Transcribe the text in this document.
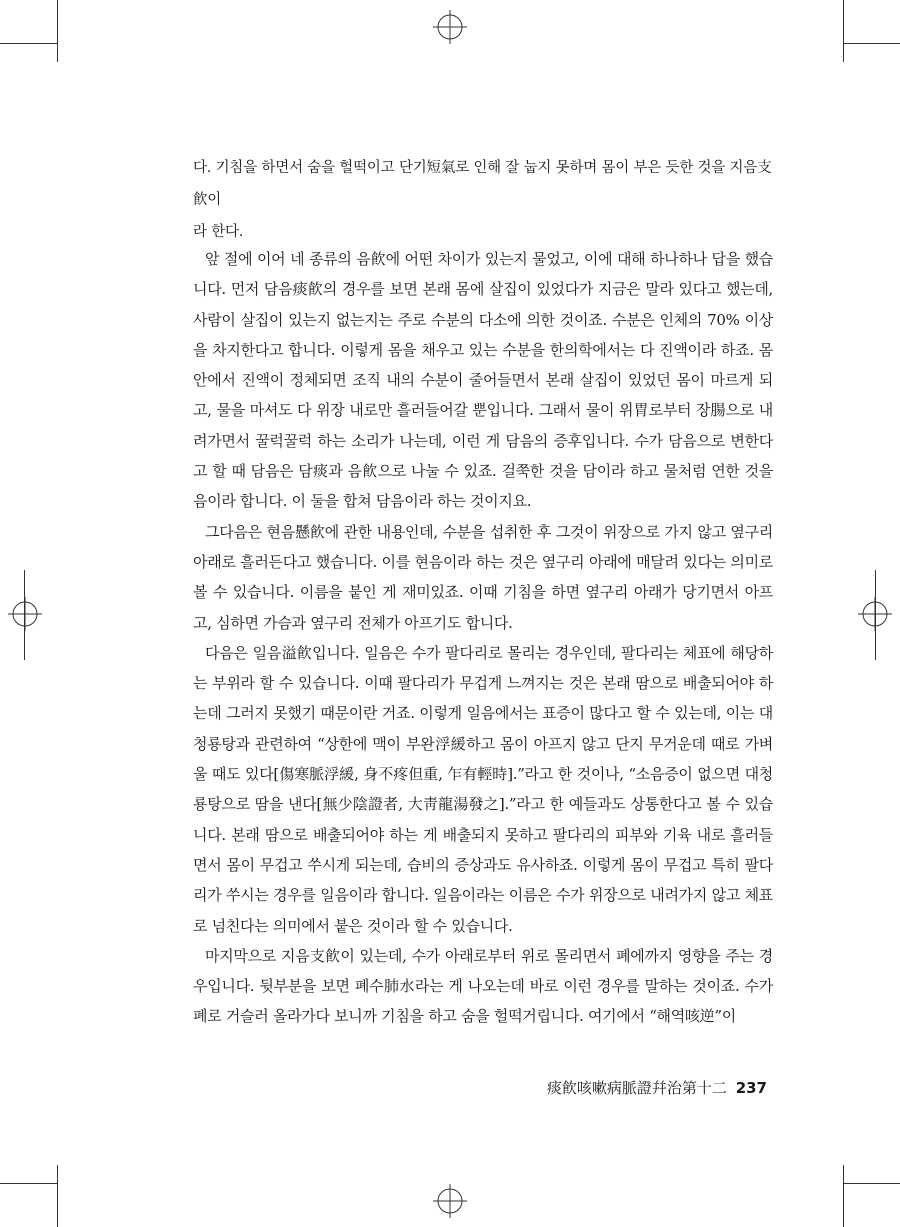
다. 기침을 하면서 숨을 헐떡이고 단기短氣로 인해 잘 눕지 못하며 몸이 부은 듯한 것을 지음支飮이
라 한다.

앞 절에 이어 네 종류의 음飮에 어떤 차이가 있는지 물었고, 이에 대해 하나하나 답을 했습니다. 먼저 담음痰飮의 경우를 보면 본래 몸에 살집이 있었다가 지금은 말라 있다고 했는데, 사람이 살집이 있는지 없는지는 주로 수분의 다소에 의한 것이죠. 수분은 인체의 70% 이상을 차지한다고 합니다. 이렇게 몸을 채우고 있는 수분을 한의학에서는 다 진액이라 하죠. 몸 안에서 진액이 정체되면 조직 내의 수분이 줄어들면서 본래 살집이 있었던 몸이 마르게 되고, 물을 마셔도 다 위장 내로만 흘러들어갈 뿐입니다. 그래서 물이 위胃로부터 장腸으로 내려가면서 꿀럭꿀럭 하는 소리가 나는데, 이런 게 담음의 증후입니다. 수가 담음으로 변한다고 할 때 담음은 담痰과 음飮으로 나눌 수 있죠. 걸쭉한 것을 담이라 하고 물처럼 연한 것을 음이라 합니다. 이 둘을 합쳐 담음이라 하는 것이지요.

그다음은 현음懸飮에 관한 내용인데, 수분을 섭취한 후 그것이 위장으로 가지 않고 옆구리 아래로 흘러든다고 했습니다. 이를 현음이라 하는 것은 옆구리 아래에 매달려 있다는 의미로 볼 수 있습니다. 이름을 붙인 게 재미있죠. 이때 기침을 하면 옆구리 아래가 당기면서 아프고, 심하면 가슴과 옆구리 전체가 아프기도 합니다.

다음은 일음溢飮입니다. 일음은 수가 팔다리로 몰리는 경우인데, 팔다리는 체표에 해당하는 부위라 할 수 있습니다. 이때 팔다리가 무겁게 느껴지는 것은 본래 땀으로 배출되어야 하는데 그러지 못했기 때문이란 거죠. 이렇게 일음에서는 표증이 많다고 할 수 있는데, 이는 대청룡탕과 관련하여 “상한에 맥이 부완浮緩하고 몸이 아프지 않고 단지 무거운데 때로 가벼울 때도 있다[傷寒脈浮緩, 身不疼但重, 乍有輕時].”라고 한 것이나, “소음증이 없으면 대청룡탕으로 땀을 낸다[無少陰證者, 大靑龍湯發之].”라고 한 예들과도 상통한다고 볼 수 있습니다. 본래 땀으로 배출되어야 하는 게 배출되지 못하고 팔다리의 피부와 기육 내로 흘러들면서 몸이 무겁고 쑤시게 되는데, 습비의 증상과도 유사하죠. 이렇게 몸이 무겁고 특히 팔다리가 쑤시는 경우를 일음이라 합니다. 일음이라는 이름은 수가 위장으로 내려가지 않고 체표로 넘친다는 의미에서 붙은 것이라 할 수 있습니다.

마지막으로 지음支飮이 있는데, 수가 아래로부터 위로 몰리면서 폐에까지 영향을 주는 경우입니다. 뒷부분을 보면 폐수肺水라는 게 나오는데 바로 이런 경우를 말하는 것이죠. 수가 폐로 거슬러 올라가다 보니까 기침을 하고 숨을 헐떡거립니다. 여기에서 “해역咳逆”이

痰飮咳嗽病脈證幷治第十二 237
